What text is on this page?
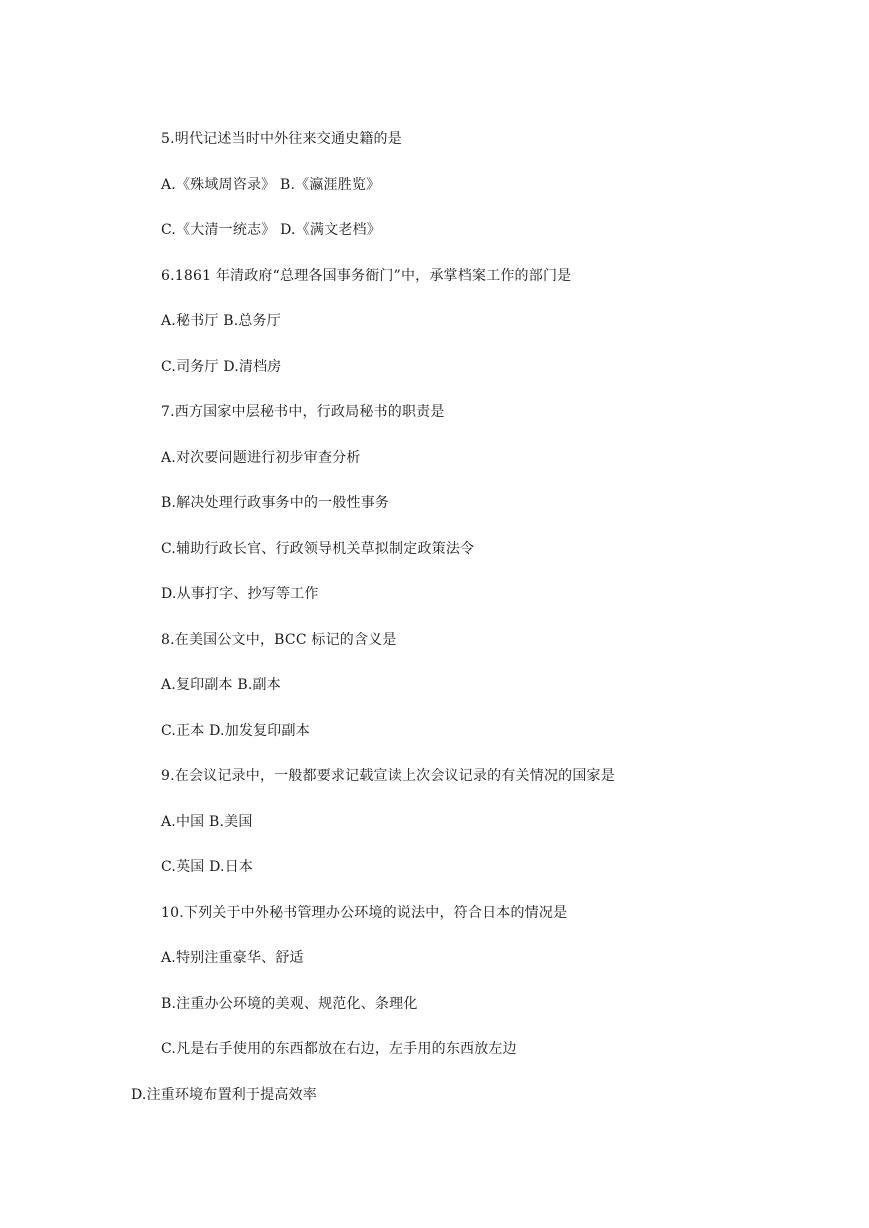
5.明代记述当时中外往来交通史籍的是
A.《殊域周咨录》 B.《瀛涯胜览》
C.《大清一统志》 D.《满文老档》
6.1861 年清政府“总理各国事务衙门”中，承掌档案工作的部门是
A.秘书厅 B.总务厅
C.司务厅 D.清档房
7.西方国家中层秘书中，行政局秘书的职责是
A.对次要问题进行初步审查分析
B.解决处理行政事务中的一般性事务
C.辅助行政长官、行政领导机关草拟制定政策法令
D.从事打字、抄写等工作
8.在美国公文中，BCC 标记的含义是
A.复印副本 B.副本
C.正本 D.加发复印副本
9.在会议记录中，一般都要求记载宣读上次会议记录的有关情况的国家是
A.中国 B.美国
C.英国 D.日本
10.下列关于中外秘书管理办公环境的说法中，符合日本的情况是
A.特别注重豪华、舒适
B.注重办公环境的美观、规范化、条理化
C.凡是右手使用的东西都放在右边，左手用的东西放左边
D.注重环境布置利于提高效率
